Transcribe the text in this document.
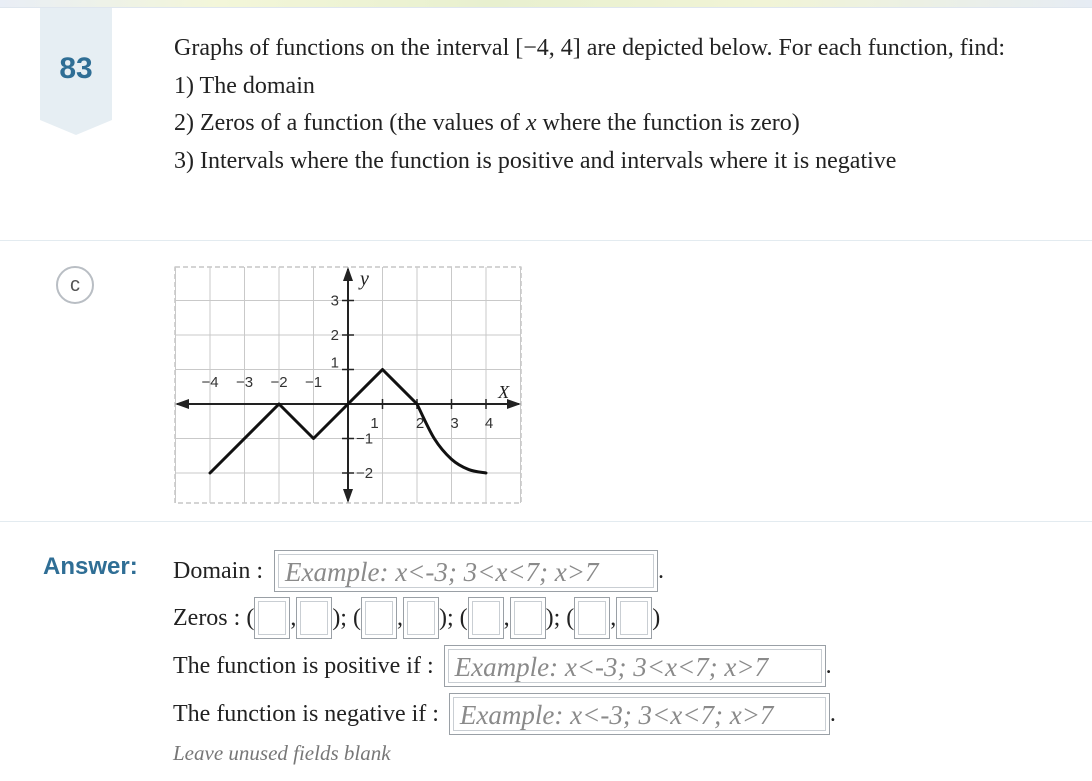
83

Graphs of functions on the interval [−4, 4] are depicted below. For each function, find:

1) The domain

2) Zeros of a function (the values of x where the function is zero)

3) Intervals where the function is positive and intervals where it is negative

c	y
X
−4 −3 −2 −1
1 2 3 4
1
2
3
−1
−2
Answer: Domain : Example: x<-3; 3<x<7; x>7	.
Zeros : ( , ); ( , ); ( , ); ( , )
The function is positive if : Example: x<-3; 3<x<7; x>7	.
The function is negative if : Example: x<-3; 3<x<7; x>7	.
Leave unused fields blank
